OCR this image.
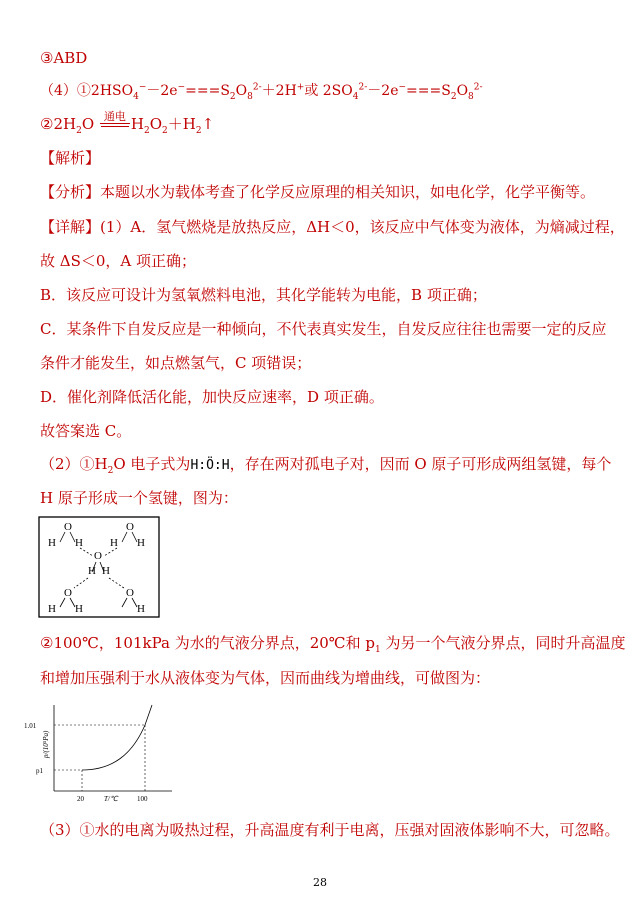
③ABD
$(4)①2HSO_4^--2e^-===S_2O_8^{2-}+2H^+$或 $2SO_4^{2-}-2e^-===S_2O_8^{2-}$
$②2H_2O$ 通电 $H_2O_2+H_2↑$
【解析】
【分析】本题以水为载体考查了化学反应原理的相关知识，如电化学，化学平衡等。
【详解】(1）A．氢气燃烧是放热反应，ΔH＜0，该反应中气体变为液体，为熵减过程，
故 ΔS＜0，A 项正确；
B．该反应可设计为氢氧燃料电池，其化学能转为电能，B 项正确；
C．某条件下自发反应是一种倾向，不代表真实发生，自发反应往往也需要一定的反应
条件才能发生，如点燃氢气，C 项错误；
D．催化剂降低活化能，加快反应速率，D 项正确。
故答案选 C。
$(2)①H_2O$ 电子式为H:Ö:H，存在两对孤电子对，因而 O 原子可形成两组氢键，每个
H 原子形成一个氢键，图为：
H
O
H H
O
H
O
H H
O
H H
O
H
②100℃，101kPa 为水的气液分界点，20℃和 $p_1$ 为另一个气液分界点，同时升高温度
和增加压强利于水从液体变为气体，因而曲线为增曲线，可做图为：
1.01
p1
20	100
T/℃
p/(10⁵Pa)
（3）①水的电离为吸热过程，升高温度有利于电离，压强对固液体影响不大，可忽略。
28
